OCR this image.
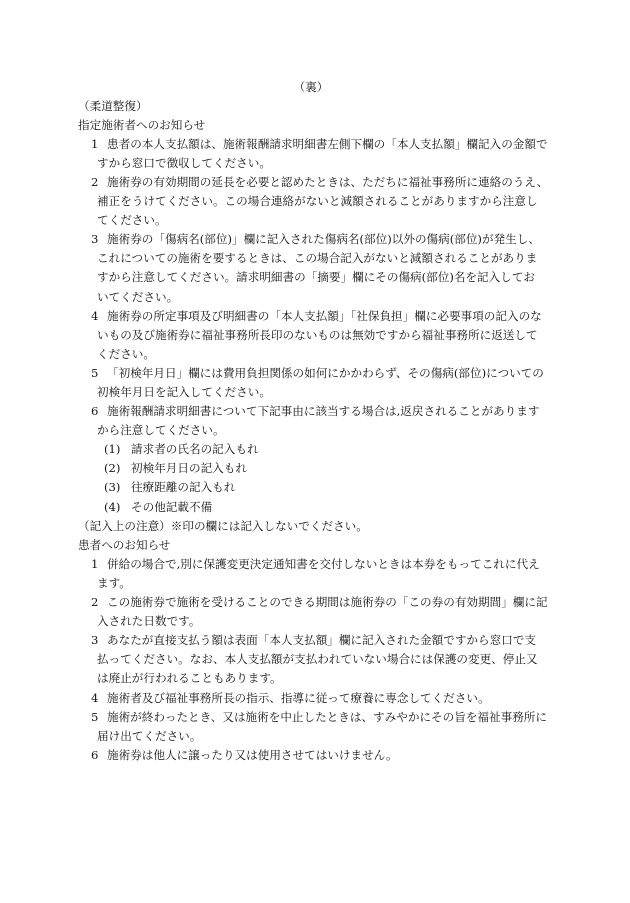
（裏）
（柔道整復）
指定施術者へのお知らせ
1 患者の本人支払額は、施術報酬請求明細書左側下欄の「本人支払額」欄記入の金額で
すから窓口で徴収してください。
2 施術券の有効期間の延長を必要と認めたときは、ただちに福祉事務所に連絡のうえ、
補正をうけてください。この場合連絡がないと減額されることがありますから注意し
てください。
3 施術券の「傷病名(部位)」欄に記入された傷病名(部位)以外の傷病(部位)が発生し、
これについての施術を要するときは、この場合記入がないと減額されることがありま
すから注意してください。請求明細書の「摘要」欄にその傷病(部位)名を記入してお
いてください。
4 施術券の所定事項及び明細書の「本人支払額」「社保負担」欄に必要事項の記入のな
いもの及び施術券に福祉事務所長印のないものは無効ですから福祉事務所に返送して
ください。
5 「初検年月日」欄には費用負担関係の如何にかかわらず、その傷病(部位)についての
初検年月日を記入してください。
6 施術報酬請求明細書について下記事由に該当する場合は,返戻されることがあります
から注意してください。
(1) 請求者の氏名の記入もれ
(2) 初検年月日の記入もれ
(3) 往療距離の記入もれ
(4) その他記載不備
（記入上の注意）※印の欄には記入しないでください。
患者へのお知らせ
1 併給の場合で,別に保護変更決定通知書を交付しないときは本券をもってこれに代え
ます。
2 この施術券で施術を受けることのできる期間は施術券の「この券の有効期間」欄に記
入された日数です。
3 あなたが直接支払う額は表面「本人支払額」欄に記入された金額ですから窓口で支
払ってください。なお、本人支払額が支払われていない場合には保護の変更、停止又
は廃止が行われることもあります。
4 施術者及び福祉事務所長の指示、指導に従って療養に専念してください。
5 施術が終わったとき、又は施術を中止したときは、すみやかにその旨を福祉事務所に
届け出てください。
6 施術券は他人に譲ったり又は使用させてはいけません。
